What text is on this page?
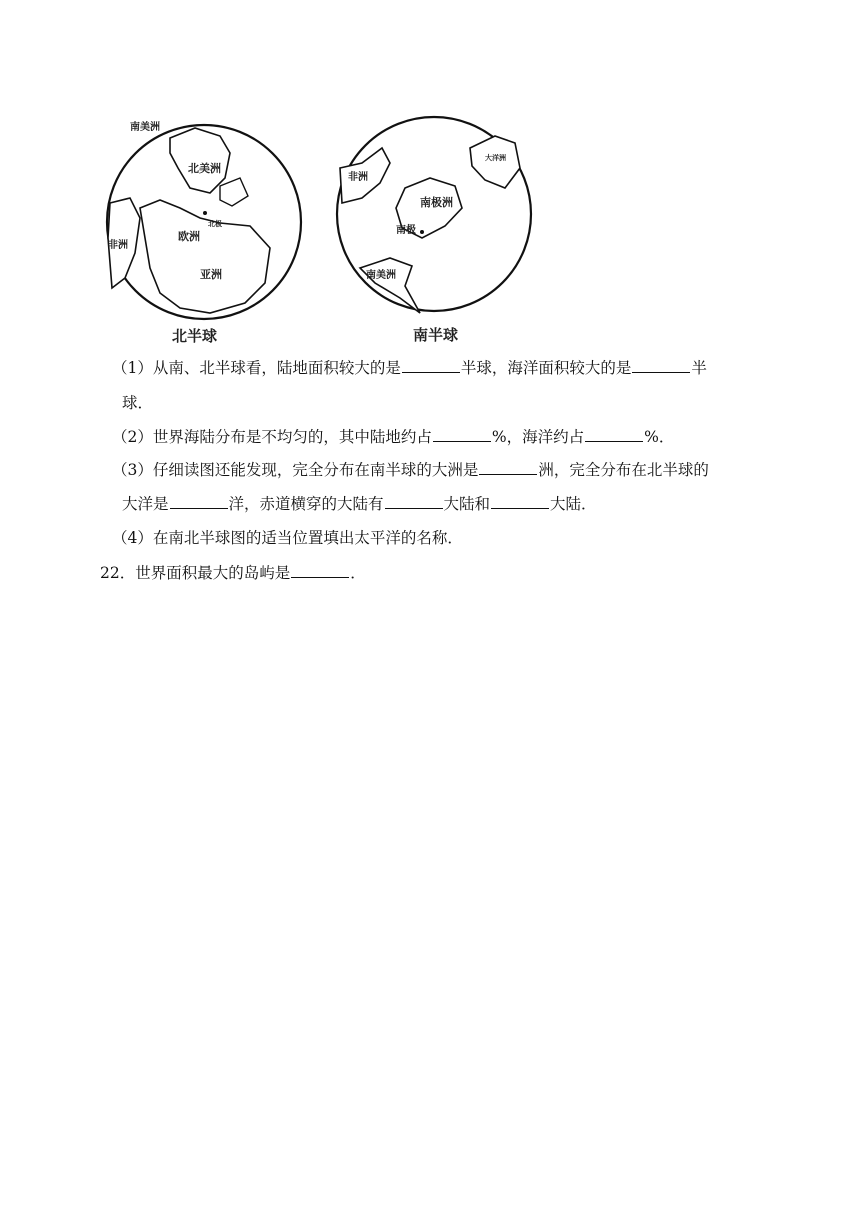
南美洲
北美洲
北极
非洲
欧洲
亚洲
北半球
非洲
大洋洲
南极洲
南极
南美洲
南半球
（1）从南、北半球看，陆地面积较大的是	半球，海洋面积较大的是	半
球．
（2）世界海陆分布是不均匀的，其中陆地约占	%，海洋约占	%．
（3）仔细读图还能发现，完全分布在南半球的大洲是	洲，完全分布在北半球的
大洋是	洋，赤道横穿的大陆有	大陆和	大陆．
（4）在南北半球图的适当位置填出太平洋的名称．
22．世界面积最大的岛屿是	．
